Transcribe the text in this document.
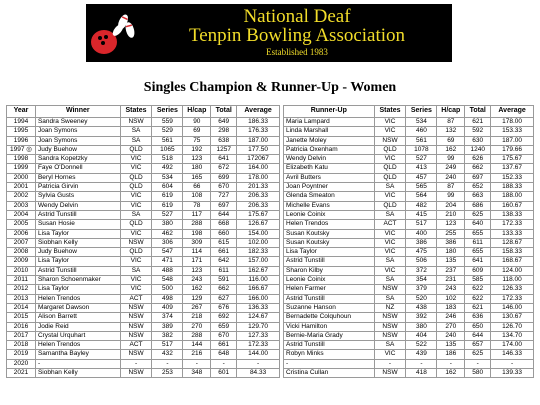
National Deaf
Tenpin Bowling Association
Established 1983
Singles Champion & Runner-Up - Women
Year	Winner	States	Series	H/cap	Total	Average
1994	Sandra Sweeney	NSW	559	90	649	186.33
1995	Joan Symons	SA	529	69	298	176.33
1996	Joan Symons	SA	561	75	638	187.00
1997 ◎	Judy Buehow	QLD	1065	192	1257	177.50
1998	Sandra Kopetzky	VIC	518	123	641	172067
1999	Faye O'Donnell	VIC	492	180	672	164.00
2000	Beryl Hornes	QLD	534	165	699	178.00
2001	Patricia Girvin	QLD	604	66	670	201.33
2002	Sylvia Gusts	VIC	619	108	727	206.33
2003	Wendy Delvin	VIC	619	78	697	206.33
2004	Astrid Tunstill	SA	527	117	644	175.67
2005	Susan Hosie	QLD	380	288	668	126.67
2006	Lisa Taylor	VIC	462	198	660	154.00
2007	Siobhan Kelly	NSW	306	309	615	102.00
2008	Judy Buehow	QLD	547	114	661	182.33
2009	Lisa Taylor	VIC	471	171	642	157.00
2010	Astrid Tunstill	SA	488	123	611	162.67
2011	Sharon Schoenmaker	VIC	548	243	591	116.00
2012	Lisa Taylor	VIC	500	162	662	166.67
2013	Helen Trendos	ACT	498	129	627	166.00
2014	Margaret Dawson	NSW	409	267	676	136.33
2015	Alison Barrett	NSW	374	218	692	124.67
2016	Jodie Reid	NSW	389	270	659	129.70
2017	Crystal Urquhart	NSW	382	288	670	127.33
2018	Helen Trendos	ACT	517	144	661	172.33
2019	Samantha Bayley	NSW	432	216	648	144.00
2020	-	-	-	-	-	-
2021	Siobhan Kelly	NSW	253	348	601	84.33
Runner-Up	States	Series	H/cap	Total	Average
Maria Lampard	VIC	534	87	621	178.00
Linda Marshall	VIC	460	132	592	153.33
Janette Moley	NSW	561	69	630	187.00
Patricia Oxenham	QLD	1078	162	1240	179.66
Wendy Delvin	VIC	527	99	626	175.67
Elizabeth Katu	QLD	413	249	662	137.67
Avril Butters	QLD	457	240	697	152.33
Joan Poyntner	SA	565	87	652	188.33
Glenda Smeaton	VIC	564	99	663	188.00
Michelle Evans	QLD	482	204	686	160.67
Leonie Coinix	SA	415	210	625	138.33
Helen Trendos	ACT	517	123	640	172.33
Susan Koutsky	VIC	400	255	655	133.33
Susan Koutsky	VIC	386	386	611	128.67
Lisa Taylor	VIC	475	180	655	158.33
Astrid Tunstill	SA	506	135	641	168.67
Sharon Kilby	VIC	372	237	609	124.00
Leonie Coinix	SA	354	231	585	118.00
Helen Farmer	NSW	379	243	622	126.33
Astrid Tunstill	SA	520	102	622	172.33
Suzanne Hanson	NZ	438	183	621	146.00
Bernadette Colquhoun	NSW	392	246	636	130.67
Vicki Hamilton	NSW	380	270	650	126.70
Bernie-Maria Grady	NSW	404	240	644	134.70
Astrid Tunstill	SA	522	135	657	174.00
Robyn Minks	VIC	439	186	625	146.33
-	-	-	-	-	-
Cristina Cullan	NSW	418	162	580	139.33
